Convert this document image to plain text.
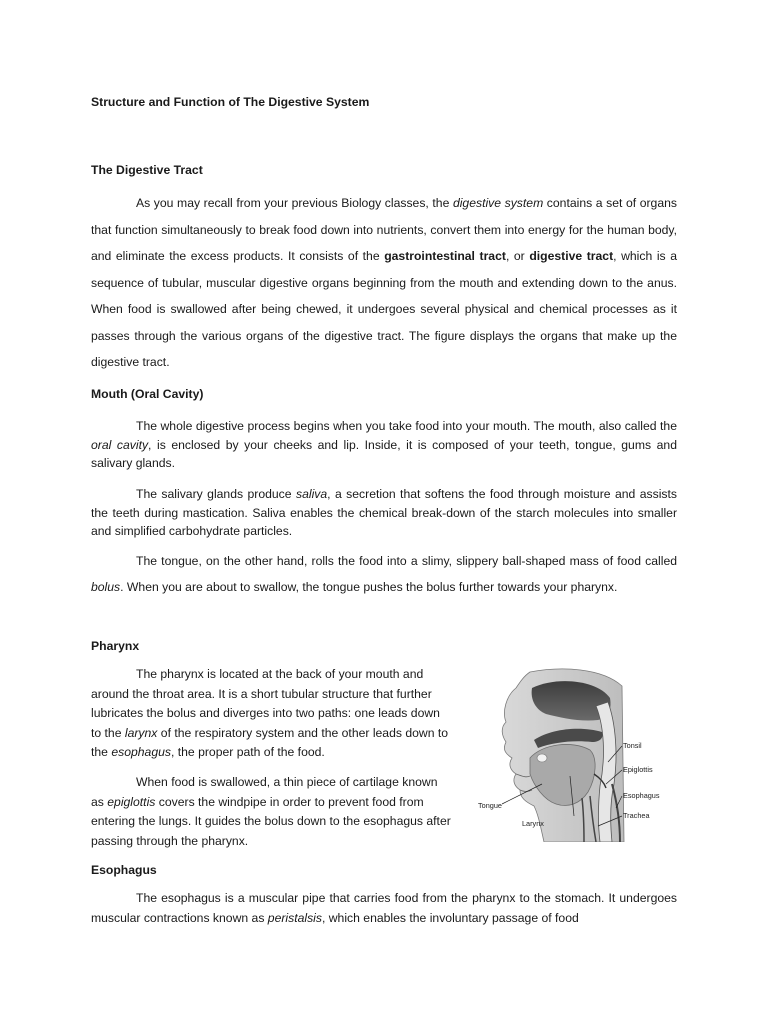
Structure and Function of The Digestive System
The Digestive Tract
As you may recall from your previous Biology classes, the digestive system contains a set of organs that function simultaneously to break food down into nutrients, convert them into energy for the human body, and eliminate the excess products. It consists of the gastrointestinal tract, or digestive tract, which is a sequence of tubular, muscular digestive organs beginning from the mouth and extending down to the anus. When food is swallowed after being chewed, it undergoes several physical and chemical processes as it passes through the various organs of the digestive tract. The figure displays the organs that make up the digestive tract.
Mouth (Oral Cavity)
The whole digestive process begins when you take food into your mouth. The mouth, also called the oral cavity, is enclosed by your cheeks and lip. Inside, it is composed of your teeth, tongue, gums and salivary glands.
The salivary glands produce saliva, a secretion that softens the food through moisture and assists the teeth during mastication. Saliva enables the chemical break-down of the starch molecules into smaller and simplified carbohydrate particles.
The tongue, on the other hand, rolls the food into a slimy, slippery ball-shaped mass of food called bolus. When you are about to swallow, the tongue pushes the bolus further towards your pharynx.
Pharynx
The pharynx is located at the back of your mouth and around the throat area. It is a short tubular structure that further lubricates the bolus and diverges into two paths: one leads down to the larynx of the respiratory system and the other leads down to the esophagus, the proper path of the food.
When food is swallowed, a thin piece of cartilage known as epiglottis covers the windpipe in order to prevent food from entering the lungs. It guides the bolus down to the esophagus after passing through the pharynx.
Tonsil
Epiglottis
Esophagus
Trachea
Tongue
Larynx
Esophagus
The esophagus is a muscular pipe that carries food from the pharynx to the stomach. It undergoes muscular contractions known as peristalsis, which enables the involuntary passage of food
